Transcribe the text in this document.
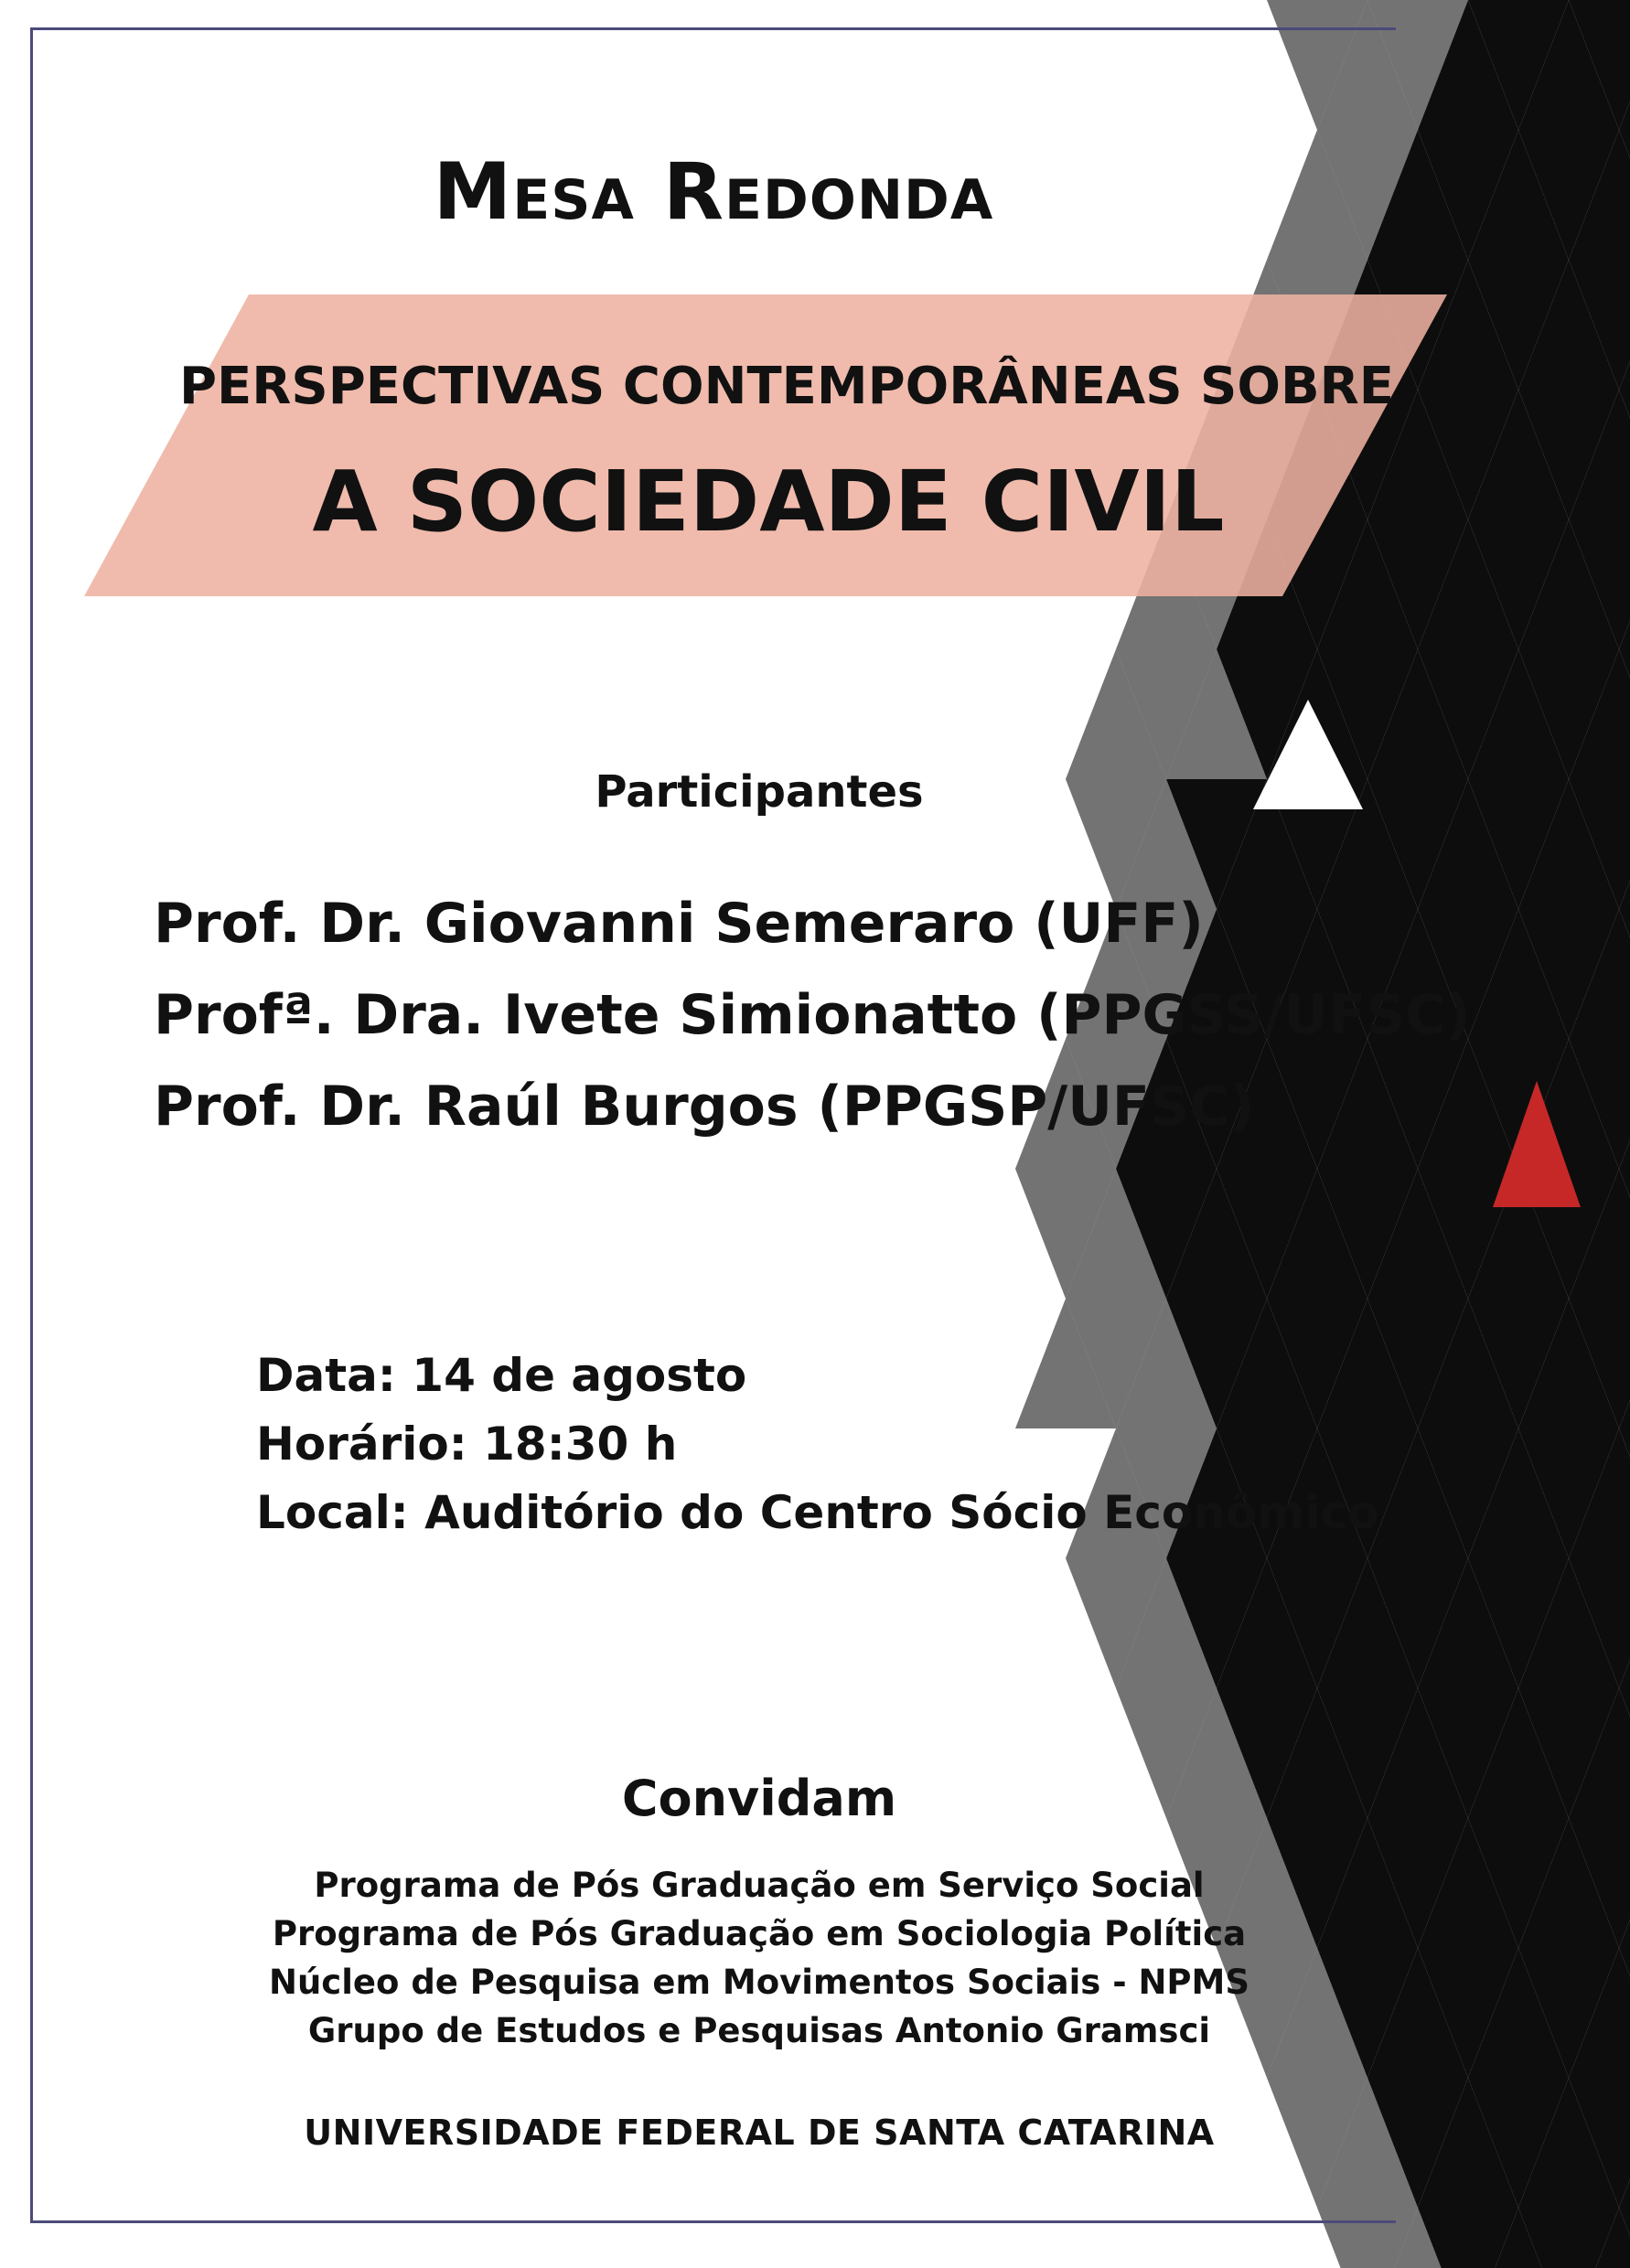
Mesa Redonda
PERSPECTIVAS CONTEMPORÂNEAS SOBRE
A SOCIEDADE CIVIL
Participantes
Prof. Dr. Giovanni Semeraro (UFF)
Profª. Dra. Ivete Simionatto (PPGSS/UFSC)
Prof. Dr. Raúl Burgos (PPGSP/UFSC)
Data: 14 de agosto
Horário: 18:30 h
Local: Auditório do Centro Sócio Econômico
Convidam
Programa de Pós Graduação em Serviço Social
Programa de Pós Graduação em Sociologia Política
Núcleo de Pesquisa em Movimentos Sociais - NPMS
Grupo de Estudos e Pesquisas Antonio Gramsci
UNIVERSIDADE FEDERAL DE SANTA CATARINA
